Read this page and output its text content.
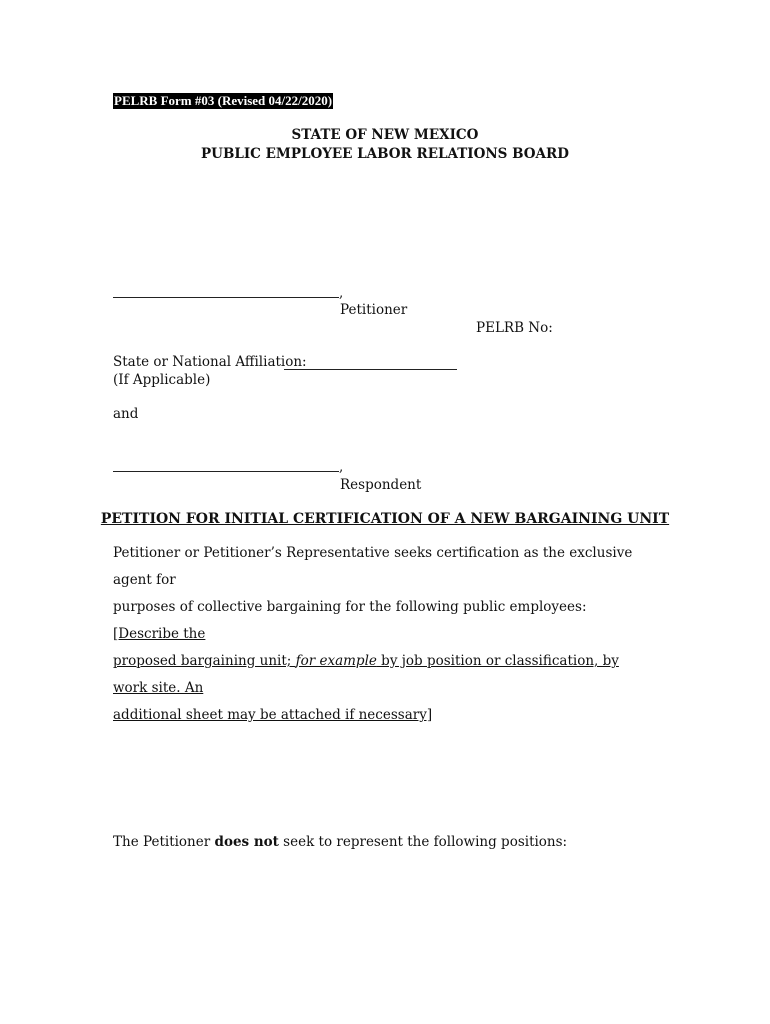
PELRB Form #03 (Revised 04/22/2020)
STATE OF NEW MEXICO
PUBLIC EMPLOYEE LABOR RELATIONS BOARD
,
Petitioner
PELRB No:
State or National Affiliation:
(If Applicable)
and
,
Respondent
PETITION FOR INITIAL CERTIFICATION OF A NEW BARGAINING UNIT

Petitioner or Petitioner’s Representative seeks certification as the exclusive agent for

purposes of collective bargaining for the following public employees: [Describe the

proposed bargaining unit; for example by job position or classification, by work site. An

additional sheet may be attached if necessary]

The Petitioner does not seek to represent the following positions:
